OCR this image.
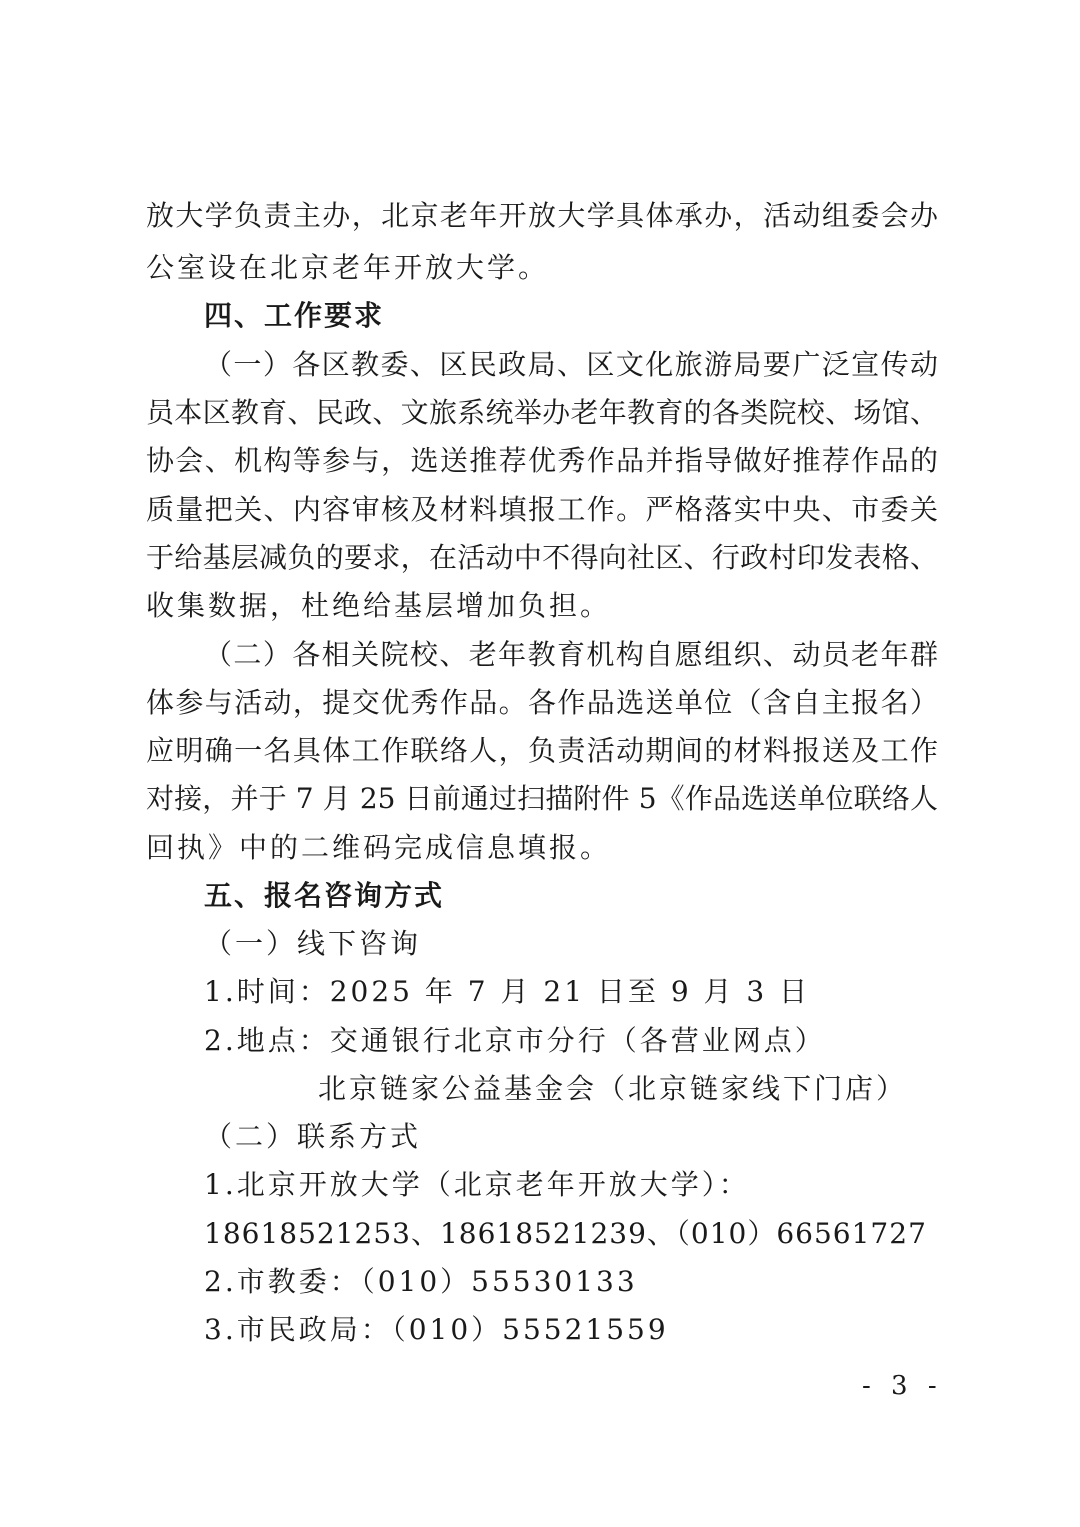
放大学负责主办，北京老年开放大学具体承办，活动组委会办
公室设在北京老年开放大学。
四、工作要求
（一）各区教委、区民政局、区文化旅游局要广泛宣传动
员本区教育、民政、文旅系统举办老年教育的各类院校、场馆、
协会、机构等参与，选送推荐优秀作品并指导做好推荐作品的
质量把关、内容审核及材料填报工作。严格落实中央、市委关
于给基层减负的要求，在活动中不得向社区、行政村印发表格、
收集数据，杜绝给基层增加负担。
（二）各相关院校、老年教育机构自愿组织、动员老年群
体参与活动，提交优秀作品。各作品选送单位（含自主报名）
应明确一名具体工作联络人，负责活动期间的材料报送及工作
对接，并于 7 月 25 日前通过扫描附件 5《作品选送单位联络人
回执》中的二维码完成信息填报。
五、报名咨询方式
（一）线下咨询
1.时间：2025 年 7 月 21 日至 9 月 3 日
2.地点：交通银行北京市分行（各营业网点）
北京链家公益基金会（北京链家线下门店）
（二）联系方式
1.北京开放大学（北京老年开放大学）：
18618521253、18618521239、（010）66561727
2.市教委：（010）55530133
3.市民政局：（010）55521559
- 3 -
